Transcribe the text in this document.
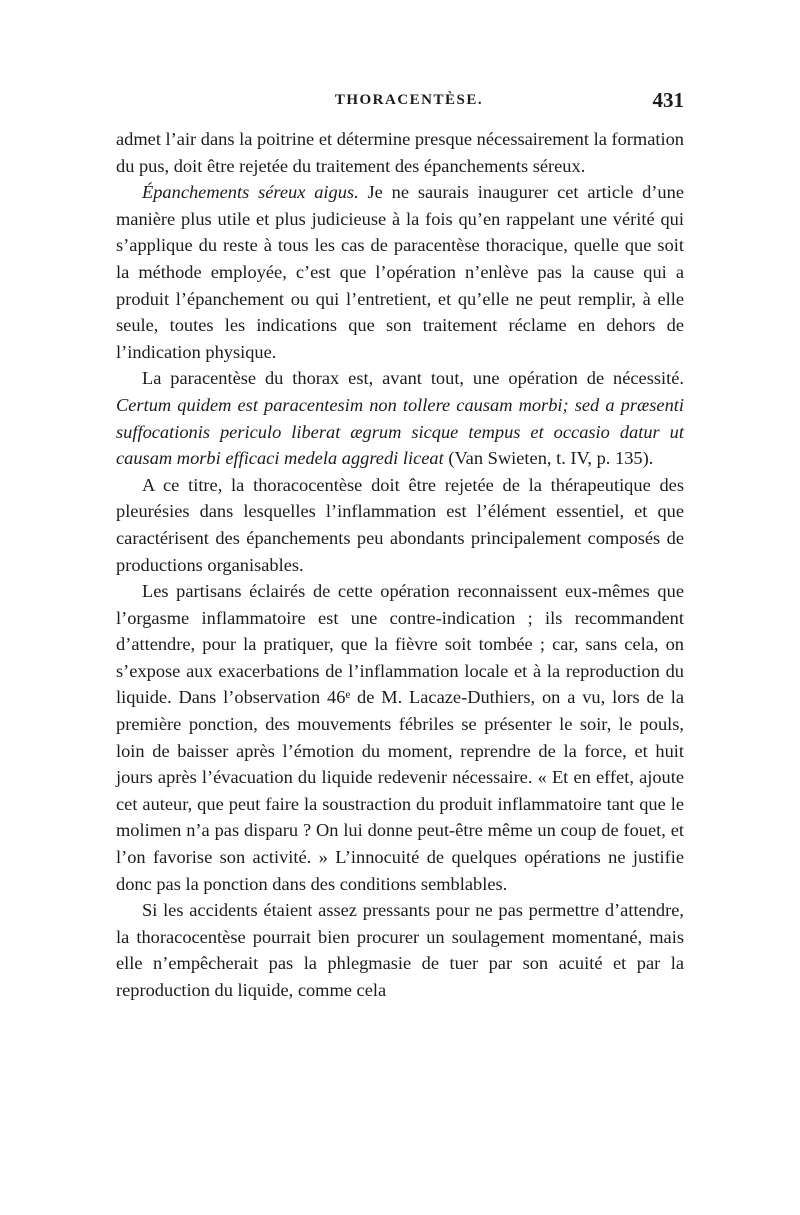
THORACENTÈSE.	431

admet l’air dans la poitrine et détermine presque nécessairement la formation du pus, doit être rejetée du traitement des épanchements séreux.

Épanchements séreux aigus. Je ne saurais inaugurer cet article d’une manière plus utile et plus judicieuse à la fois qu’en rappelant une vérité qui s’applique du reste à tous les cas de paracentèse thoracique, quelle que soit la méthode employée, c’est que l’opération n’enlève pas la cause qui a produit l’épanchement ou qui l’entretient, et qu’elle ne peut remplir, à elle seule, toutes les indications que son traitement réclame en dehors de l’indication physique.

La paracentèse du thorax est, avant tout, une opération de nécessité. Certum quidem est paracentesim non tollere causam morbi; sed a præsenti suffocationis periculo liberat ægrum sicque tempus et occasio datur ut causam morbi efficaci medela aggredi liceat (Van Swieten, t. IV, p. 135).

A ce titre, la thoracocentèse doit être rejetée de la thérapeutique des pleurésies dans lesquelles l’inflammation est l’élément essentiel, et que caractérisent des épanchements peu abondants principalement composés de productions organisables.

Les partisans éclairés de cette opération reconnaissent eux-mêmes que l’orgasme inflammatoire est une contre-indication ; ils recommandent d’attendre, pour la pratiquer, que la fièvre soit tombée ; car, sans cela, on s’expose aux exacerbations de l’inflammation locale et à la reproduction du liquide. Dans l’observation 46ᵉ de M. Lacaze-Duthiers, on a vu, lors de la première ponction, des mouvements fébriles se présenter le soir, le pouls, loin de baisser après l’émotion du moment, reprendre de la force, et huit jours après l’évacuation du liquide redevenir nécessaire. « Et en effet, ajoute cet auteur, que peut faire la soustraction du produit inflammatoire tant que le molimen n’a pas disparu ? On lui donne peut-être même un coup de fouet, et l’on favorise son activité. » L’innocuité de quelques opérations ne justifie donc pas la ponction dans des conditions semblables.

Si les accidents étaient assez pressants pour ne pas permettre d’attendre, la thoracocentèse pourrait bien procurer un soulagement momentané, mais elle n’empêcherait pas la phlegmasie de tuer par son acuité et par la reproduction du liquide, comme cela
